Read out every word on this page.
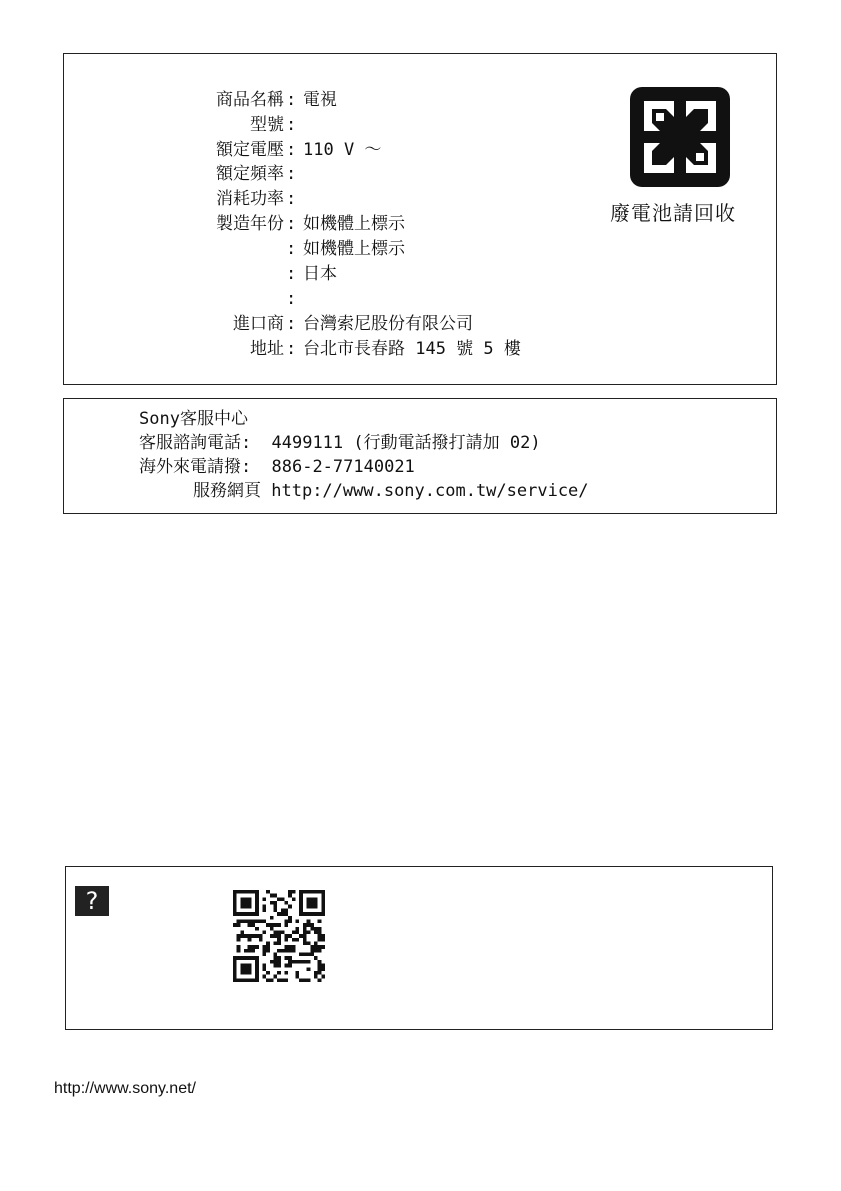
商品名稱 : 電視
型號 :
額定電壓 : 110 V ～
額定頻率 :
消耗功率 :
製造年份 : 如機體上標示
: 如機體上標示
: 日本
:
進口商 : 台灣索尼股份有限公司
地址 : 台北市長春路 145 號 5 樓
廢電池請回收
Sony客服中心
客服諮詢電話: 4499111 (行動電話撥打請加 02)
海外來電請撥: 886-2-77140021
服務網頁 http://www.sony.com.tw/service/
?
http://www.sony.net/
